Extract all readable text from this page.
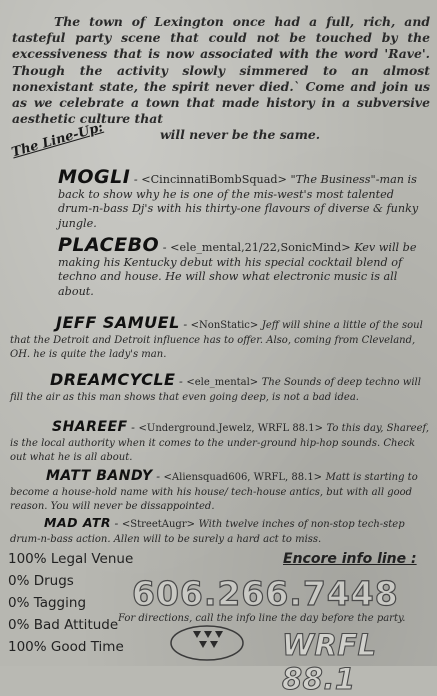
The town of Lexington once had a full, rich, and tasteful party scene that could not be touched by the excessiveness that is now associated with the word 'Rave'. Though the activity slowly simmered to an almost nonexistant state, the spirit never died.` Come and join us as we celebrate a town that made history in a subversive aesthetic culture that
will never be the same.
The Line-Up:
MOGLI - <CincinnatiBombSquad> "The Business"-man is back to show why he is one of the mis-west's most talented drum-n-bass Dj's with his thirty-one flavours of diverse & funky jungle.
PLACEBO - <ele_mental,21/22,SonicMind> Kev will be making his Kentucky debut with his special cocktail blend of techno and house. He will show what electronic music is all about.
JEFF SAMUEL - <NonStatic> Jeff will shine a little of the soul that the Detroit and Detroit influence has to offer. Also, coming from Cleveland, OH. he is quite the lady's man.
DREAMCYCLE - <ele_mental> The Sounds of deep techno will fill the air as this man shows that even going deep, is not a bad idea.
SHAREEF - <Underground.Jewelz, WRFL 88.1> To this day, Shareef, is the local authority when it comes to the under-ground hip-hop sounds. Check out what he is all about.
MATT BANDY - <Aliensquad606, WRFL, 88.1> Matt is starting to become a house-hold name with his house/ tech-house antics, but with all good reason. You will never be dissappointed.
MAD ATR - <StreetAugr> With twelve inches of non-stop tech-step drum-n-bass action. Allen will to be surely a hard act to miss.
100% Legal Venue
0% Drugs
0% Tagging
0% Bad Attitude
100% Good Time
Encore info line :
606.266.7448
For directions, call the info line the day before the party.
WRFL 88.1
